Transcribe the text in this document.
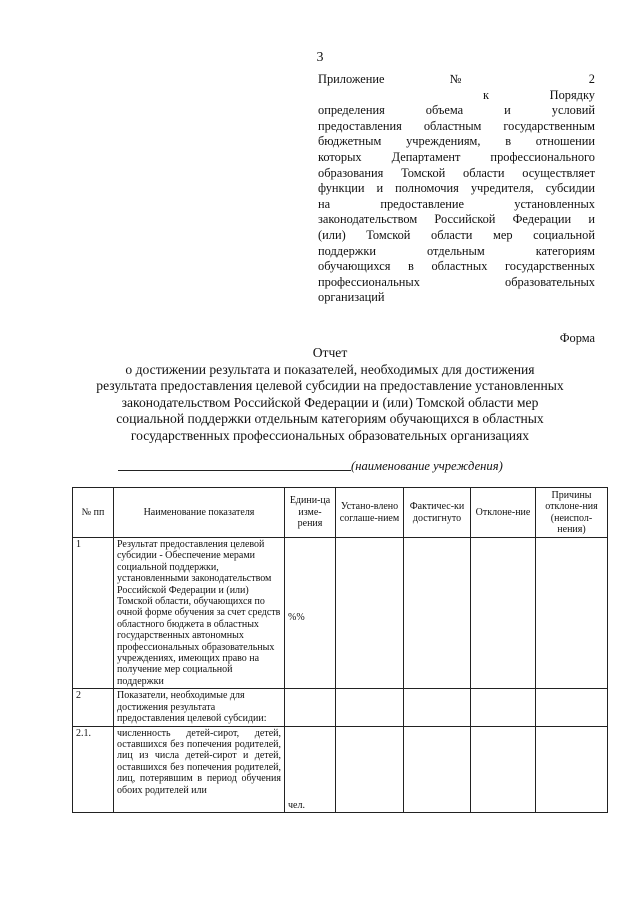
3
Приложение № 2
к Порядку
определения объема и условий
предоставления областным государственным
бюджетным учреждениям, в отношении
которых Департамент профессионального
образования Томской области осуществляет
функции и полномочия учредителя, субсидии
на предоставление установленных
законодательством Российской Федерации и
(или) Томской области мер социальной
поддержки отдельным категориям
обучающихся в областных государственных
профессиональных образовательных
организаций
Форма
Отчет
о достижении результата и показателей, необходимых для достижения
результата предоставления целевой субсидии на предоставление установленных
законодательством Российской Федерации и (или) Томской области мер
социальной поддержки отдельным категориям обучающихся в областных
государственных профессиональных образовательных организациях
(наименование учреждения)
№ пп	Наименование показателя	Едини-ца изме-рения	Устано-влено соглаше-нием	Фактичес-ки достигнуто	Отклоне-ние	Причины отклоне-ния (неиспол-нения)
1	Результат предоставления целевой субсидии - Обеспечение мерами социальной поддержки, установленными законодательством Российской Федерации и (или) Томской области, обучающихся по очной форме обучения за счет средств областного бюджета в областных государственных автономных профессиональных образовательных учреждениях, имеющих право на получение мер социальной поддержки	%%				
2	Показатели, необходимые для достижения результата предоставления целевой субсидии:					
2.1.	численность детей-сирот, детей, оставшихся без попечения родителей, лиц из числа детей-сирот и детей, оставшихся без попечения родителей, лиц, потерявшим в период обучения обоих родителей или	чел.				
